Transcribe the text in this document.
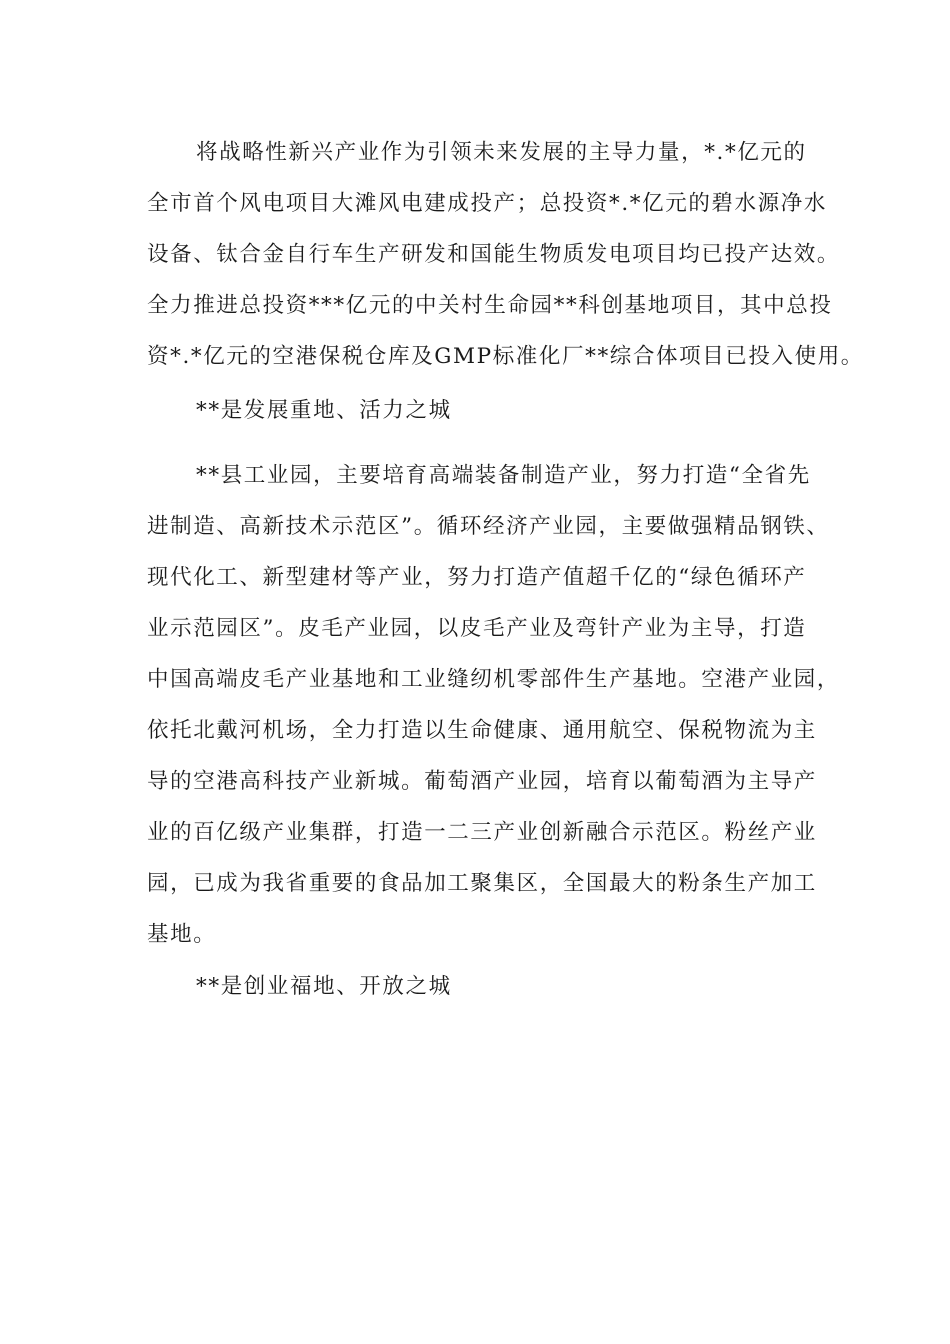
将战略性新兴产业作为引领未来发展的主导力量，*.*亿元的
全市首个风电项目大滩风电建成投产；总投资*.*亿元的碧水源净水
设备、钛合金自行车生产研发和国能生物质发电项目均已投产达效。
全力推进总投资***亿元的中关村生命园**科创基地项目，其中总投
资*.*亿元的空港保税仓库及GMP标准化厂**综合体项目已投入使用。
**是发展重地、活力之城
**县工业园，主要培育高端装备制造产业，努力打造“全省先
进制造、高新技术示范区”。循环经济产业园，主要做强精品钢铁、
现代化工、新型建材等产业，努力打造产值超千亿的“绿色循环产
业示范园区”。皮毛产业园，以皮毛产业及弯针产业为主导，打造
中国高端皮毛产业基地和工业缝纫机零部件生产基地。空港产业园，
依托北戴河机场，全力打造以生命健康、通用航空、保税物流为主
导的空港高科技产业新城。葡萄酒产业园，培育以葡萄酒为主导产
业的百亿级产业集群，打造一二三产业创新融合示范区。粉丝产业
园，已成为我省重要的食品加工聚集区，全国最大的粉条生产加工
基地。
**是创业福地、开放之城
